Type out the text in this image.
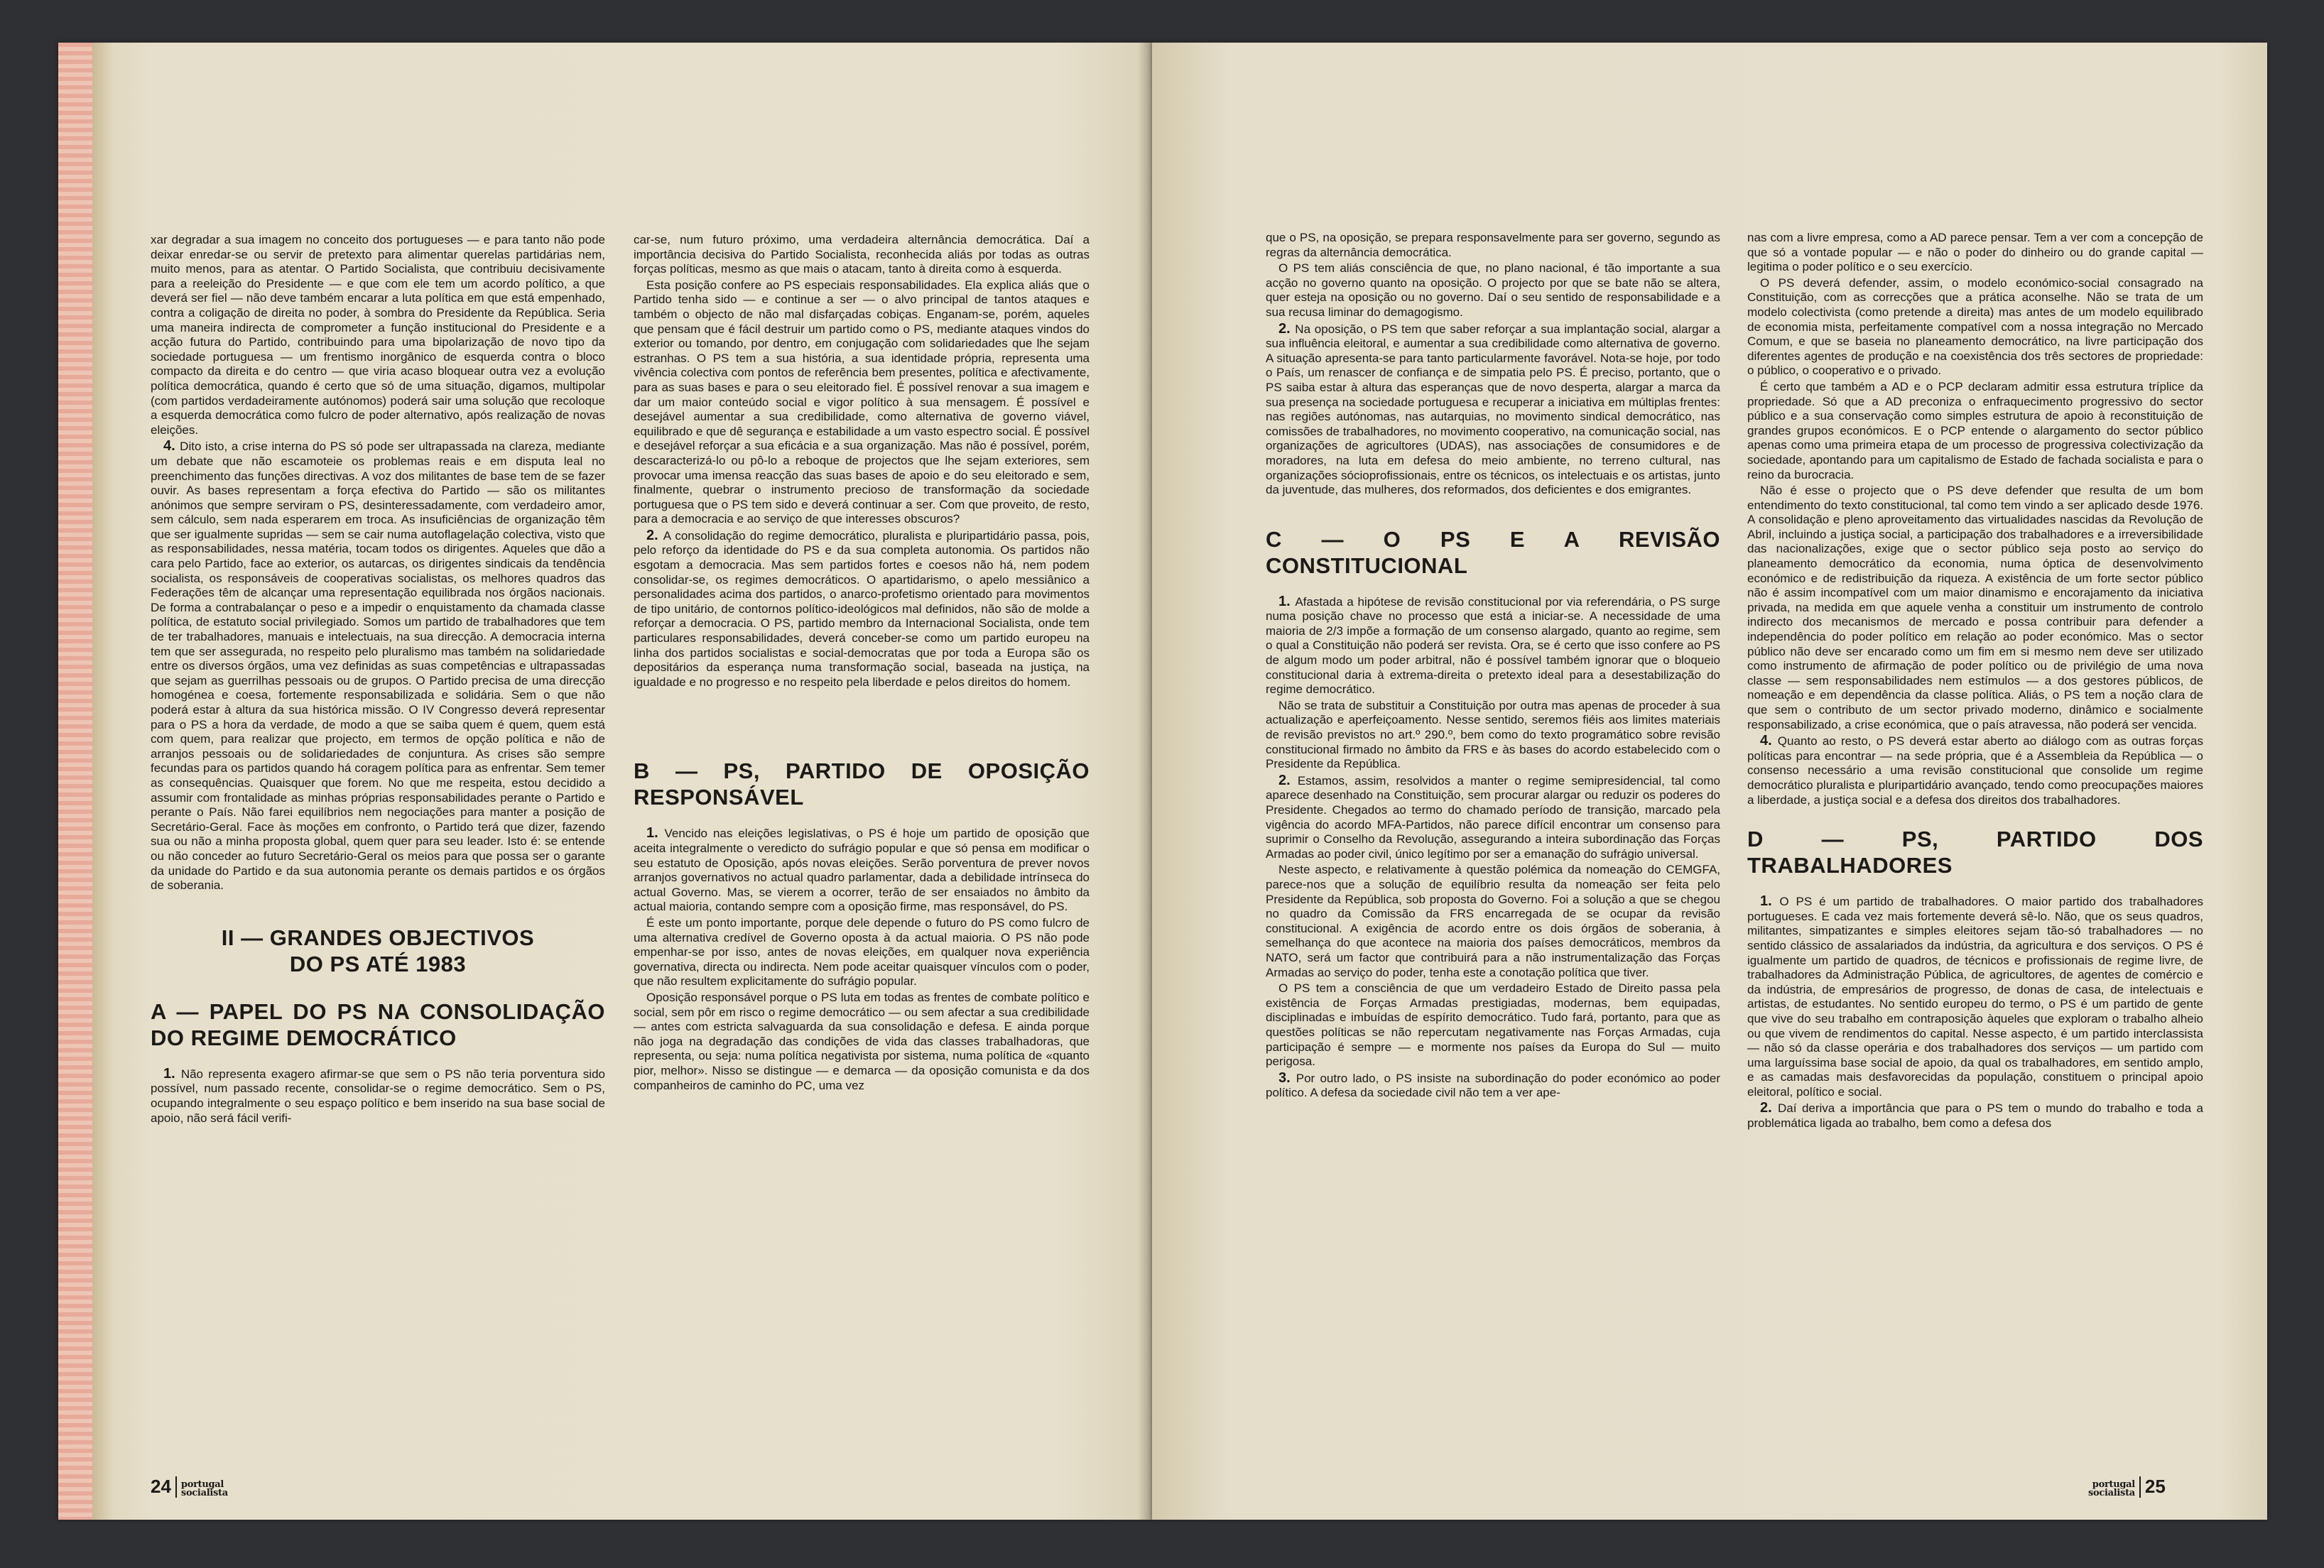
xar degradar a sua imagem no conceito dos portugueses — e para tanto não pode deixar enredar-se ou servir de pretexto para alimentar querelas partidárias nem, muito menos, para as atentar. O Partido Socialista, que contribuiu decisivamente para a reeleição do Presidente — e que com ele tem um acordo político, a que deverá ser fiel — não deve também encarar a luta política em que está empenhado, contra a coligação de direita no poder, à sombra do Presidente da República. Seria uma maneira indirecta de comprometer a função institucional do Presidente e a acção futura do Partido, contribuindo para uma bipolarização de novo tipo da sociedade portuguesa — um frentismo inorgânico de esquerda contra o bloco compacto da direita e do centro — que viria acaso bloquear outra vez a evolução política democrática, quando é certo que só de uma situação, digamos, multipolar (com partidos verdadeiramente autónomos) poderá sair uma solução que recoloque a esquerda democrática como fulcro de poder alternativo, após realização de novas eleições.

4. Dito isto, a crise interna do PS só pode ser ultrapassada na clareza, mediante um debate que não escamoteie os problemas reais e em disputa leal no preenchimento das funções directivas. A voz dos militantes de base tem de se fazer ouvir. As bases representam a força efectiva do Partido — são os militantes anónimos que sempre serviram o PS, desinteressadamente, com verdadeiro amor, sem cálculo, sem nada esperarem em troca. As insuficiências de organização têm que ser igualmente supridas — sem se cair numa autoflagelação colectiva, visto que as responsabilidades, nessa matéria, tocam todos os dirigentes. Aqueles que dão a cara pelo Partido, face ao exterior, os autarcas, os dirigentes sindicais da tendência socialista, os responsáveis de cooperativas socialistas, os melhores quadros das Federações têm de alcançar uma representação equilibrada nos órgãos nacionais. De forma a contrabalançar o peso e a impedir o enquistamento da chamada classe política, de estatuto social privilegiado. Somos um partido de trabalhadores que tem de ter trabalhadores, manuais e intelectuais, na sua direcção. A democracia interna tem que ser assegurada, no respeito pelo pluralismo mas também na solidariedade entre os diversos órgãos, uma vez definidas as suas competências e ultrapassadas que sejam as guerrilhas pessoais ou de grupos. O Partido precisa de uma direcção homogénea e coesa, fortemente responsabilizada e solidária. Sem o que não poderá estar à altura da sua histórica missão. O IV Congresso deverá representar para o PS a hora da verdade, de modo a que se saiba quem é quem, quem está com quem, para realizar que projecto, em termos de opção política e não de arranjos pessoais ou de solidariedades de conjuntura. As crises são sempre fecundas para os partidos quando há coragem política para as enfrentar. Sem temer as consequências. Quaisquer que forem. No que me respeita, estou decidido a assumir com frontalidade as minhas próprias responsabilidades perante o Partido e perante o País. Não farei equilíbrios nem negociações para manter a posição de Secretário-Geral. Face às moções em confronto, o Partido terá que dizer, fazendo sua ou não a minha proposta global, quem quer para seu leader. Isto é: se entende ou não conceder ao futuro Secretário-Geral os meios para que possa ser o garante da unidade do Partido e da sua autonomia perante os demais partidos e os órgãos de soberania.

II — GRANDES OBJECTIVOS DO PS ATÉ 1983
A — PAPEL DO PS NA CONSOLIDAÇÃO DO REGIME DEMOCRÁTICO

1. Não representa exagero afirmar-se que sem o PS não teria porventura sido possível, num passado recente, consolidar-se o regime democrático. Sem o PS, ocupando integralmente o seu espaço político e bem inserido na sua base social de apoio, não será fácil verifi-

car-se, num futuro próximo, uma verdadeira alternância democrática. Daí a importância decisiva do Partido Socialista, reconhecida aliás por todas as outras forças políticas, mesmo as que mais o atacam, tanto à direita como à esquerda.

Esta posição confere ao PS especiais responsabilidades. Ela explica aliás que o Partido tenha sido — e continue a ser — o alvo principal de tantos ataques e também o objecto de não mal disfarçadas cobiças. Enganam-se, porém, aqueles que pensam que é fácil destruir um partido como o PS, mediante ataques vindos do exterior ou tomando, por dentro, em conjugação com solidariedades que lhe sejam estranhas. O PS tem a sua história, a sua identidade própria, representa uma vivência colectiva com pontos de referência bem presentes, política e afectivamente, para as suas bases e para o seu eleitorado fiel. É possível renovar a sua imagem e dar um maior conteúdo social e vigor político à sua mensagem. É possível e desejável aumentar a sua credibilidade, como alternativa de governo viável, equilibrado e que dê segurança e estabilidade a um vasto espectro social. É possível e desejável reforçar a sua eficácia e a sua organização. Mas não é possível, porém, descaracterizá-lo ou pô-lo a reboque de projectos que lhe sejam exteriores, sem provocar uma imensa reacção das suas bases de apoio e do seu eleitorado e sem, finalmente, quebrar o instrumento precioso de transformação da sociedade portuguesa que o PS tem sido e deverá continuar a ser. Com que proveito, de resto, para a democracia e ao serviço de que interesses obscuros?

2. A consolidação do regime democrático, pluralista e pluripartidário passa, pois, pelo reforço da identidade do PS e da sua completa autonomia. Os partidos não esgotam a democracia. Mas sem partidos fortes e coesos não há, nem podem consolidar-se, os regimes democráticos. O apartidarismo, o apelo messiânico a personalidades acima dos partidos, o anarco-profetismo orientado para movimentos de tipo unitário, de contornos político-ideológicos mal definidos, não são de molde a reforçar a democracia. O PS, partido membro da Internacional Socialista, onde tem particulares responsabilidades, deverá conceber-se como um partido europeu na linha dos partidos socialistas e social-democratas que por toda a Europa são os depositários da esperança numa transformação social, baseada na justiça, na igualdade e no progresso e no respeito pela liberdade e pelos direitos do homem.

B — PS, PARTIDO DE OPOSIÇÃO RESPONSÁVEL

1. Vencido nas eleições legislativas, o PS é hoje um partido de oposição que aceita integralmente o veredicto do sufrágio popular e que só pensa em modificar o seu estatuto de Oposição, após novas eleições. Serão porventura de prever novos arranjos governativos no actual quadro parlamentar, dada a debilidade intrínseca do actual Governo. Mas, se vierem a ocorrer, terão de ser ensaiados no âmbito da actual maioria, contando sempre com a oposição firme, mas responsável, do PS.

É este um ponto importante, porque dele depende o futuro do PS como fulcro de uma alternativa credível de Governo oposta à da actual maioria. O PS não pode empenhar-se por isso, antes de novas eleições, em qualquer nova experiência governativa, directa ou indirecta. Nem pode aceitar quaisquer vínculos com o poder, que não resultem explicitamente do sufrágio popular.

Oposição responsável porque o PS luta em todas as frentes de combate político e social, sem pôr em risco o regime democrático — ou sem afectar a sua credibilidade — antes com estricta salvaguarda da sua consolidação e defesa. E ainda porque não joga na degradação das condições de vida das classes trabalhadoras, que representa, ou seja: numa política negativista por sistema, numa política de «quanto pior, melhor». Nisso se distingue — e demarca — da oposição comunista e da dos companheiros de caminho do PC, uma vez

24 portugal
socialista

que o PS, na oposição, se prepara responsavelmente para ser governo, segundo as regras da alternância democrática.

O PS tem aliás consciência de que, no plano nacional, é tão importante a sua acção no governo quanto na oposição. O projecto por que se bate não se altera, quer esteja na oposição ou no governo. Daí o seu sentido de responsabilidade e a sua recusa liminar do demagogismo.

2. Na oposição, o PS tem que saber reforçar a sua implantação social, alargar a sua influência eleitoral, e aumentar a sua credibilidade como alternativa de governo. A situação apresenta-se para tanto particularmente favorável. Nota-se hoje, por todo o País, um renascer de confiança e de simpatia pelo PS. É preciso, portanto, que o PS saiba estar à altura das esperanças que de novo desperta, alargar a marca da sua presença na sociedade portuguesa e recuperar a iniciativa em múltiplas frentes: nas regiões autónomas, nas autarquias, no movimento sindical democrático, nas comissões de trabalhadores, no movimento cooperativo, na comunicação social, nas organizações de agricultores (UDAS), nas associações de consumidores e de moradores, na luta em defesa do meio ambiente, no terreno cultural, nas organizações sócioprofissionais, entre os técnicos, os intelectuais e os artistas, junto da juventude, das mulheres, dos reformados, dos deficientes e dos emigrantes.

C — O PS E A REVISÃO CONSTITUCIONAL

1. Afastada a hipótese de revisão constitucional por via referendária, o PS surge numa posição chave no processo que está a iniciar-se. A necessidade de uma maioria de 2/3 impõe a formação de um consenso alargado, quanto ao regime, sem o qual a Constituição não poderá ser revista. Ora, se é certo que isso confere ao PS de algum modo um poder arbitral, não é possível também ignorar que o bloqueio constitucional daria à extrema-direita o pretexto ideal para a desestabilização do regime democrático.

Não se trata de substituir a Constituição por outra mas apenas de proceder à sua actualização e aperfeiçoamento. Nesse sentido, seremos fiéis aos limites materiais de revisão previstos no art.º 290.º, bem como do texto programático sobre revisão constitucional firmado no âmbito da FRS e às bases do acordo estabelecido com o Presidente da República.

2. Estamos, assim, resolvidos a manter o regime semipresidencial, tal como aparece desenhado na Constituição, sem procurar alargar ou reduzir os poderes do Presidente. Chegados ao termo do chamado período de transição, marcado pela vigência do acordo MFA-Partidos, não parece difícil encontrar um consenso para suprimir o Conselho da Revolução, assegurando a inteira subordinação das Forças Armadas ao poder civil, único legítimo por ser a emanação do sufrágio universal.

Neste aspecto, e relativamente à questão polémica da nomeação do CEMGFA, parece-nos que a solução de equilíbrio resulta da nomeação ser feita pelo Presidente da República, sob proposta do Governo. Foi a solução a que se chegou no quadro da Comissão da FRS encarregada de se ocupar da revisão constitucional. A exigência de acordo entre os dois órgãos de soberania, à semelhança do que acontece na maioria dos países democráticos, membros da NATO, será um factor que contribuirá para a não instrumentalização das Forças Armadas ao serviço do poder, tenha este a conotação política que tiver.

O PS tem a consciência de que um verdadeiro Estado de Direito passa pela existência de Forças Armadas prestigiadas, modernas, bem equipadas, disciplinadas e imbuídas de espírito democrático. Tudo fará, portanto, para que as questões políticas se não repercutam negativamente nas Forças Armadas, cuja participação é sempre — e mormente nos países da Europa do Sul — muito perigosa.

3. Por outro lado, o PS insiste na subordinação do poder económico ao poder político. A defesa da sociedade civil não tem a ver ape-

nas com a livre empresa, como a AD parece pensar. Tem a ver com a concepção de que só a vontade popular — e não o poder do dinheiro ou do grande capital — legitima o poder político e o seu exercício.

O PS deverá defender, assim, o modelo económico-social consagrado na Constituição, com as correcções que a prática aconselhe. Não se trata de um modelo colectivista (como pretende a direita) mas antes de um modelo equilibrado de economia mista, perfeitamente compatível com a nossa integração no Mercado Comum, e que se baseia no planeamento democrático, na livre participação dos diferentes agentes de produção e na coexistência dos três sectores de propriedade: o público, o cooperativo e o privado.

É certo que também a AD e o PCP declaram admitir essa estrutura tríplice da propriedade. Só que a AD preconiza o enfraquecimento progressivo do sector público e a sua conservação como simples estrutura de apoio à reconstituição de grandes grupos económicos. E o PCP entende o alargamento do sector público apenas como uma primeira etapa de um processo de progressiva colectivização da sociedade, apontando para um capitalismo de Estado de fachada socialista e para o reino da burocracia.

Não é esse o projecto que o PS deve defender que resulta de um bom entendimento do texto constitucional, tal como tem vindo a ser aplicado desde 1976. A consolidação e pleno aproveitamento das virtualidades nascidas da Revolução de Abril, incluindo a justiça social, a participação dos trabalhadores e a irreversibilidade das nacionalizações, exige que o sector público seja posto ao serviço do planeamento democrático da economia, numa óptica de desenvolvimento económico e de redistribuição da riqueza. A existência de um forte sector público não é assim incompatível com um maior dinamismo e encorajamento da iniciativa privada, na medida em que aquele venha a constituir um instrumento de controlo indirecto dos mecanismos de mercado e possa contribuir para defender a independência do poder político em relação ao poder económico. Mas o sector público não deve ser encarado como um fim em si mesmo nem deve ser utilizado como instrumento de afirmação de poder político ou de privilégio de uma nova classe — sem responsabilidades nem estímulos — a dos gestores públicos, de nomeação e em dependência da classe política. Aliás, o PS tem a noção clara de que sem o contributo de um sector privado moderno, dinâmico e socialmente responsabilizado, a crise económica, que o país atravessa, não poderá ser vencida.

4. Quanto ao resto, o PS deverá estar aberto ao diálogo com as outras forças políticas para encontrar — na sede própria, que é a Assembleia da República — o consenso necessário a uma revisão constitucional que consolide um regime democrático pluralista e pluripartidário avançado, tendo como preocupações maiores a liberdade, a justiça social e a defesa dos direitos dos trabalhadores.

D — PS, PARTIDO DOS TRABALHADORES

1. O PS é um partido de trabalhadores. O maior partido dos trabalhadores portugueses. E cada vez mais fortemente deverá sê-lo. Não, que os seus quadros, militantes, simpatizantes e simples eleitores sejam tão-só trabalhadores — no sentido clássico de assalariados da indústria, da agricultura e dos serviços. O PS é igualmente um partido de quadros, de técnicos e profissionais de regime livre, de trabalhadores da Administração Pública, de agricultores, de agentes de comércio e da indústria, de empresários de progresso, de donas de casa, de intelectuais e artistas, de estudantes. No sentido europeu do termo, o PS é um partido de gente que vive do seu trabalho em contraposição àqueles que exploram o trabalho alheio ou que vivem de rendimentos do capital. Nesse aspecto, é um partido interclassista — não só da classe operária e dos trabalhadores dos serviços — um partido com uma larguíssima base social de apoio, da qual os trabalhadores, em sentido amplo, e as camadas mais desfavorecidas da população, constituem o principal apoio eleitoral, político e social.

2. Daí deriva a importância que para o PS tem o mundo do trabalho e toda a problemática ligada ao trabalho, bem como a defesa dos

portugal
socialista 25
